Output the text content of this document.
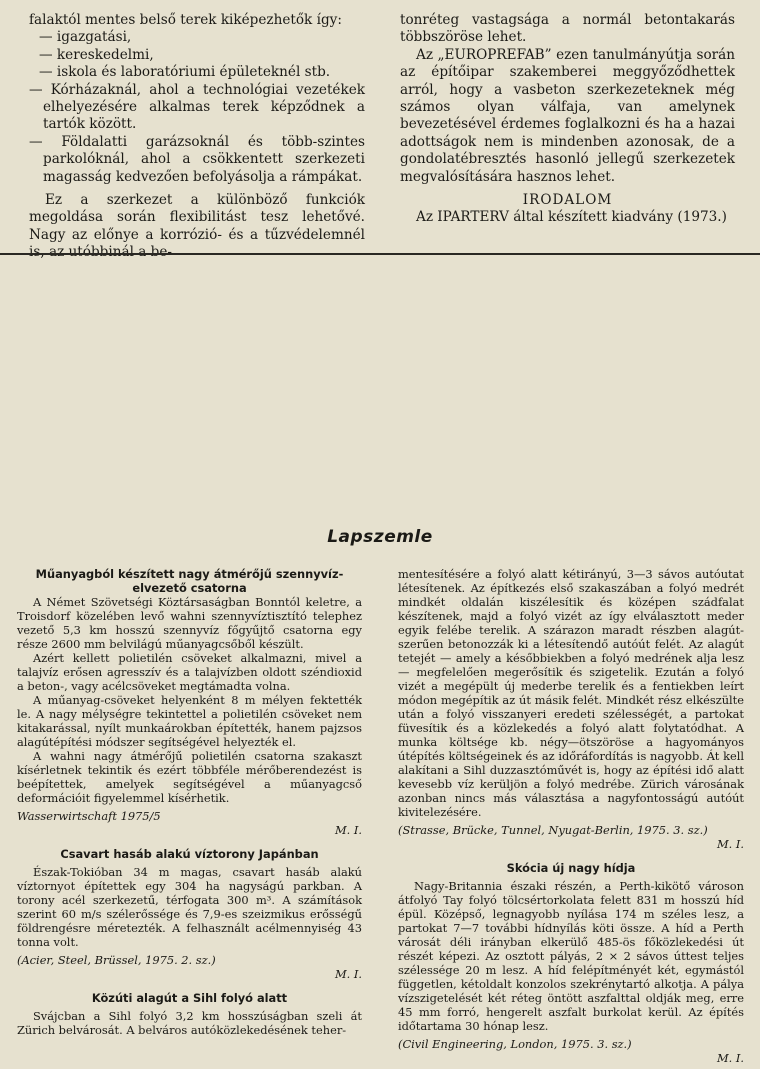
falaktól mentes belső terek kiképezhetők így:

— igazgatási,

— kereskedelmi,

— iskola és laboratóriumi épületeknél stb.

— Kórházaknál, ahol a technológiai vezetékek elhelyezésére alkalmas terek képződnek a tartók között.

— Földalatti garázsoknál és több-szintes parkolóknál, ahol a csökkentett szerkezeti magasság kedvezően befolyásolja a rámpákat.

Ez a szerkezet a különböző funkciók megoldása során flexibilitást tesz lehetővé. Nagy az előnye a korrózió- és a tűzvédelemnél

tonréteg vastagsága a normál betontakarás többszöröse lehet.

Az „EUROPREFAB” ezen tanulmányútja során az építőipar szakemberei meggyőződhettek arról, hogy a vasbeton szerkezeteknek még számos olyan válfaja, van amelynek bevezetésével érdemes foglalkozni és ha a hazai adottságok nem is mindenben azonosak, de a gondolatébresztés hasonló jellegű szerkezetek megvalósítására hasznos lehet.

IRODALOM

Az IPARTERV által készített kiadvány (1973.)

Lapszemle

Műanyagból készített nagy átmérőjű szennyvíz-elvezető csatorna

A Német Szövetségi Köztársaságban Bonntól keletre, a Troisdorf közelében levő wahni szennyvíztisztító telephez vezető 5,3 km hosszú szennyvíz főgyűjtő csatorna egy része 2600 mm belvilágú műanyagcsőből készült.

Azért kellett polietilén csöveket alkalmazni, mivel a talajvíz erősen agresszív és a talajvízben oldott széndioxid a beton-, vagy acélcsöveket megtámadta volna.

A műanyag-csöveket helyenként 8 m mélyen fektették le. A nagy mélységre tekintettel a polietilén csöveket nem kitakarással, nyílt munkaárokban építették, hanem pajzsos alagútépítési módszer segítségével helyezték el.

A wahni nagy átmérőjű polietilén csatorna szakaszt kísérletnek tekintik és ezért többféle mérőberendezést is beépítettek, amelyek segítségével a műanyagcső deformációit figyelemmel kísérhetik.

Wasserwirtschaft 1975/5

M. I.

Csavart hasáb alakú víztorony Japánban

Észak-Tokióban 34 m magas, csavart hasáb alakú víztornyot építettek egy 304 ha nagyságú parkban. A torony acél szerkezetű, térfogata 300 m³. A számítások szerint 60 m/s szélerőssége és 7,9-es szeizmikus erősségű földrengésre méretezték. A felhasznált acélmennyiség 43 tonna volt.

(Acier, Steel, Brüssel, 1975. 2. sz.)

M. I.

Közúti alagút a Sihl folyó alatt

Svájcban a Sihl folyó 3,2 km hosszúságban szeli át Zürich belvárosát. A belváros autóközlekedésének teher-

mentesítésére a folyó alatt kétirányú, 3—3 sávos autóutat létesítenek. Az építkezés első szakaszában a folyó medrét mindkét oldalán kiszélesítik és középen szádfalat készítenek, majd a folyó vizét az így elválasztott meder egyik felébe terelik. A szárazon maradt részben alagút-szerűen betonozzák ki a létesítendő autóút felét. Az alagút tetejét — amely a későbbiekben a folyó medrének alja lesz — megfelelően megerősítik és szigetelik. Ezután a folyó vizét a megépült új mederbe terelik és a fentiekben leírt módon megépítik az út másik felét. Mindkét rész elkészülte után a folyó visszanyeri eredeti szélességét, a partokat füvesítik és a közlekedés a folyó alatt folytatódhat. A munka költsége kb. négy—ötszöröse a hagyományos útépítés költségeinek és az időráfordítás is nagyobb. Át kell alakítani a Sihl duzzasztóművét is, hogy az építési idő alatt kevesebb víz kerüljön a folyó medrébe. Zürich városának azonban nincs más választása a nagyfontosságú autóút kivitelezésére.

(Strasse, Brücke, Tunnel, Nyugat-Berlin, 1975. 3. sz.)

M. I.

Skócia új nagy hídja

Nagy-Britannia északi részén, a Perth-kikötő városon átfolyó Tay folyó tölcsértorkolata felett 831 m hosszú híd épül. Középső, legnagyobb nyílása 174 m széles lesz, a partokat 7—7 további hídnyílás köti össze. A híd a Perth városát déli irányban elkerülő 485-ös főközlekedési út részét képezi. Az osztott pályás, 2 × 2 sávos úttest teljes szélessége 20 m lesz. A híd felépítményét két, egymástól független, kétoldalt konzolos szekrénytartó alkotja. A pálya vízszigetelését két réteg öntött aszfalttal oldják meg, erre 45 mm forró, hengerelt aszfalt burkolat kerül. Az építés időtartama 30 hónap lesz.

(Civil Engineering, London, 1975. 3. sz.)

M. I.
